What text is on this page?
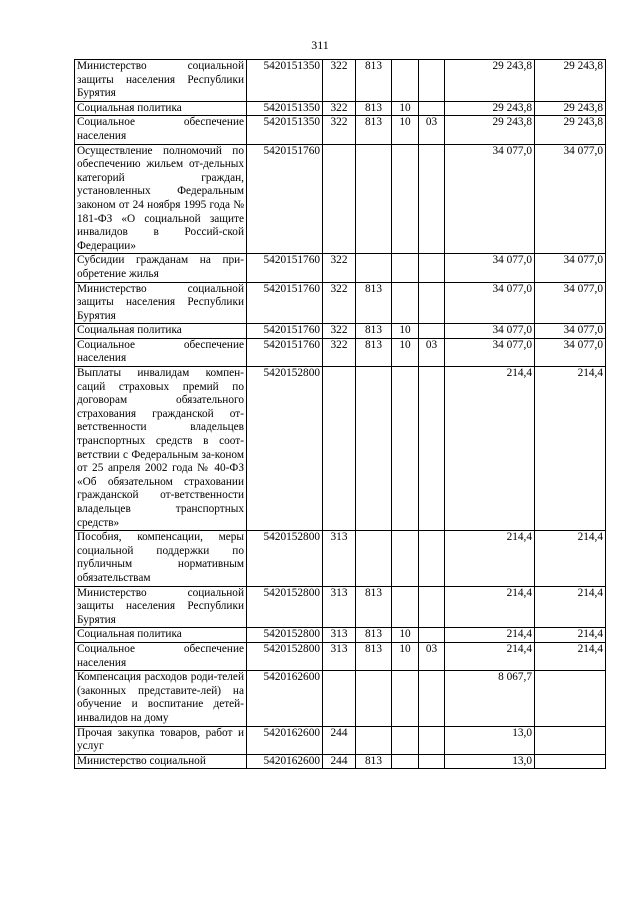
311
Министерство социальной защиты населения Республики Бурятия	5420151350	322	813			29 243,8	29 243,8
Социальная политика	5420151350	322	813	10		29 243,8	29 243,8
Социальное обеспечение населения	5420151350	322	813	10	03	29 243,8	29 243,8
Осуществление полномочий по обеспечению жильем от-дельных категорий граждан, установленных Федеральным законом от 24 ноября 1995 года № 181-ФЗ «О социальной защите инвалидов в Россий-ской Федерации»	5420151760					34 077,0	34 077,0
Субсидии гражданам на при-обретение жилья	5420151760	322				34 077,0	34 077,0
Министерство социальной защиты населения Республики Бурятия	5420151760	322	813			34 077,0	34 077,0
Социальная политика	5420151760	322	813	10		34 077,0	34 077,0
Социальное обеспечение населения	5420151760	322	813	10	03	34 077,0	34 077,0
Выплаты инвалидам компен-саций страховых премий по договорам обязательного страхования гражданской от-ветственности владельцев транспортных средств в соот-ветствии с Федеральным за-коном от 25 апреля 2002 года № 40-ФЗ «Об обязательном страховании гражданской от-ветственности владельцев транспортных средств»	5420152800					214,4	214,4
Пособия, компенсации, меры социальной поддержки по публичным нормативным обязательствам	5420152800	313				214,4	214,4
Министерство социальной защиты населения Республики Бурятия	5420152800	313	813			214,4	214,4
Социальная политика	5420152800	313	813	10		214,4	214,4
Социальное обеспечение населения	5420152800	313	813	10	03	214,4	214,4
Компенсация расходов роди-телей (законных представите-лей) на обучение и воспитание детей-инвалидов на дому	5420162600					8 067,7	
Прочая закупка товаров, работ и услуг	5420162600	244				13,0	
Министерство социальной	5420162600	244	813			13,0	
